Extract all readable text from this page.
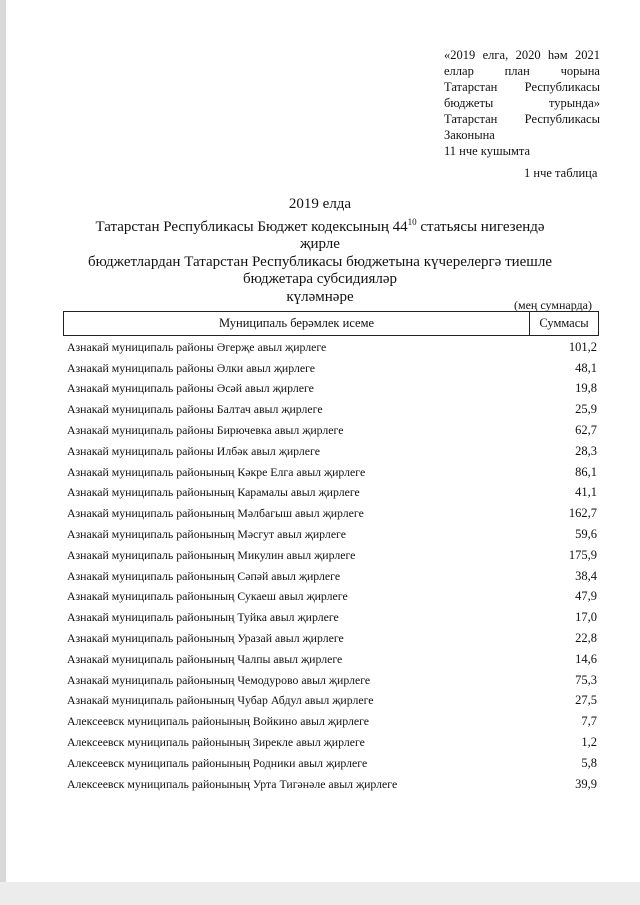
«2019 елга, 2020 һәм 2021
еллар план чорына
Татарстан Республикасы
бюджеты	турында»
Татарстан Республикасы
Законына
11 нче кушымта
1 нче таблица
2019 елда
Татарстан Республикасы Бюджет кодексының $44^{10}$ статьясы нигезендә җирле
бюджетлардан Татарстан Республикасы бюджетына күчерелергә тиешле
бюджетара субсидияләр
күләмнәре
(мең сумнарда)
Муниципаль берәмлек исеме	Суммасы
Азнакай муниципаль районы Әгерҗе авыл җирлеге	101,2
Азнакай муниципаль районы Әлки авыл җирлеге	48,1
Азнакай муниципаль районы Әсәй авыл җирлеге	19,8
Азнакай муниципаль районы Балтач авыл җирлеге	25,9
Азнакай муниципаль районы Бирючевка авыл җирлеге	62,7
Азнакай муниципаль районы Илбәк авыл җирлеге	28,3
Азнакай муниципаль районының Кәкре Елга авыл җирлеге	86,1
Азнакай муниципаль районының Карамалы авыл җирлеге	41,1
Азнакай муниципаль районының Мәлбагыш авыл җирлеге	162,7
Азнакай муниципаль районының Мәсгут авыл җирлеге	59,6
Азнакай муниципаль районының Микулин авыл җирлеге	175,9
Азнакай муниципаль районының Сәпәй авыл җирлеге	38,4
Азнакай муниципаль районының Сукаеш авыл җирлеге	47,9
Азнакай муниципаль районының Туйка авыл җирлеге	17,0
Азнакай муниципаль районының Уразай авыл җирлеге	22,8
Азнакай муниципаль районының Чалпы авыл җирлеге	14,6
Азнакай муниципаль районының Чемодурово авыл җирлеге	75,3
Азнакай муниципаль районының Чубар Абдул авыл җирлеге	27,5
Алексеевск муниципаль районының Войкино авыл җирлеге	7,7
Алексеевск муниципаль районының Зирекле авыл җирлеге	1,2
Алексеевск муниципаль районының Родники авыл җирлеге	5,8
Алексеевск муниципаль районының Урта Тигәнәле авыл җирлеге	39,9
